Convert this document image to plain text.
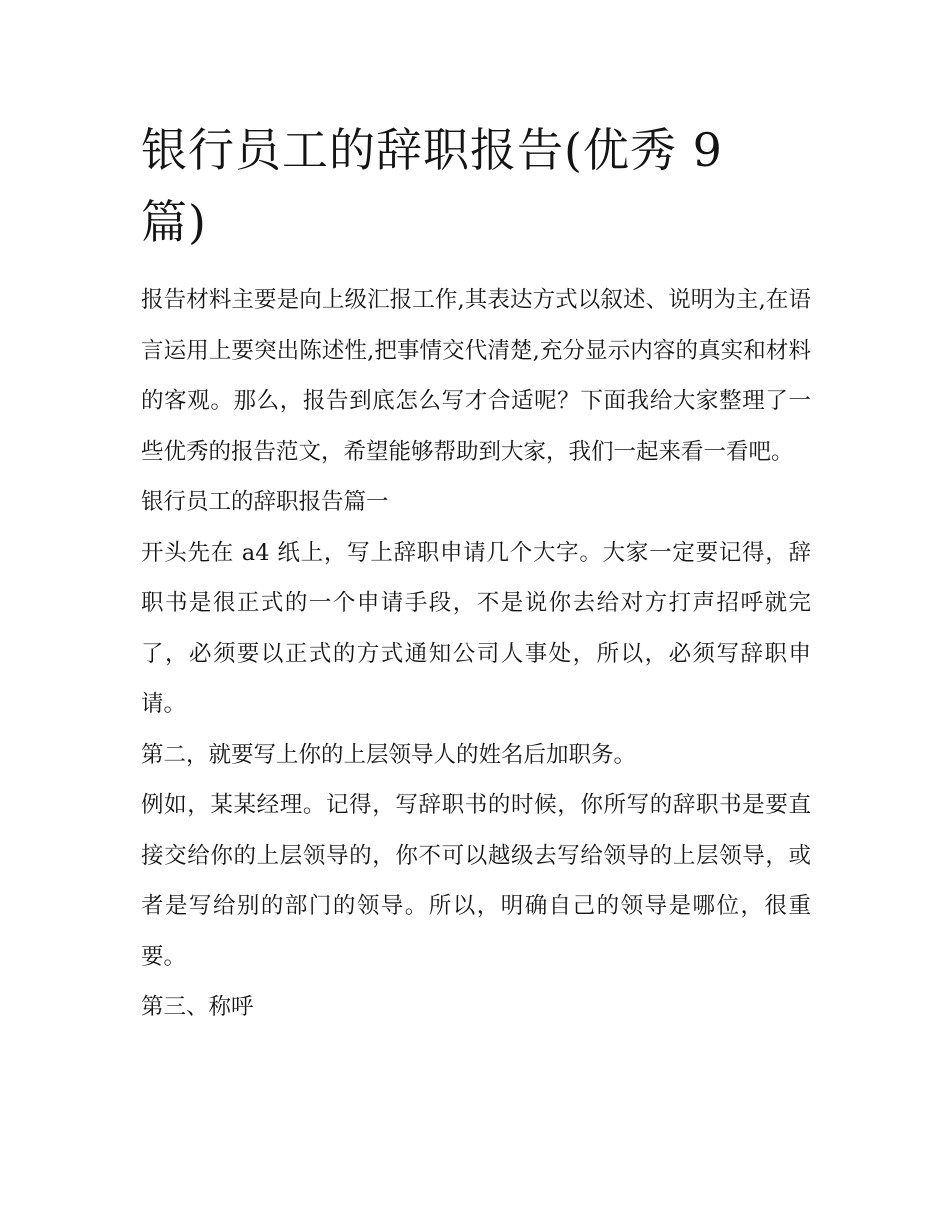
银行员工的辞职报告(优秀 9 篇)

报告材料主要是向上级汇报工作,其表达方式以叙述、说明为主,在语言运用上要突出陈述性,把事情交代清楚,充分显示内容的真实和材料的客观。那么，报告到底怎么写才合适呢？下面我给大家整理了一些优秀的报告范文，希望能够帮助到大家，我们一起来看一看吧。

银行员工的辞职报告篇一

开头先在 a4 纸上，写上辞职申请几个大字。大家一定要记得，辞职书是很正式的一个申请手段，不是说你去给对方打声招呼就完了，必须要以正式的方式通知公司人事处，所以，必须写辞职申请。

第二，就要写上你的上层领导人的姓名后加职务。

例如，某某经理。记得，写辞职书的时候，你所写的辞职书是要直接交给你的上层领导的，你不可以越级去写给领导的上层领导，或者是写给别的部门的领导。所以，明确自己的领导是哪位，很重要。

第三、称呼
